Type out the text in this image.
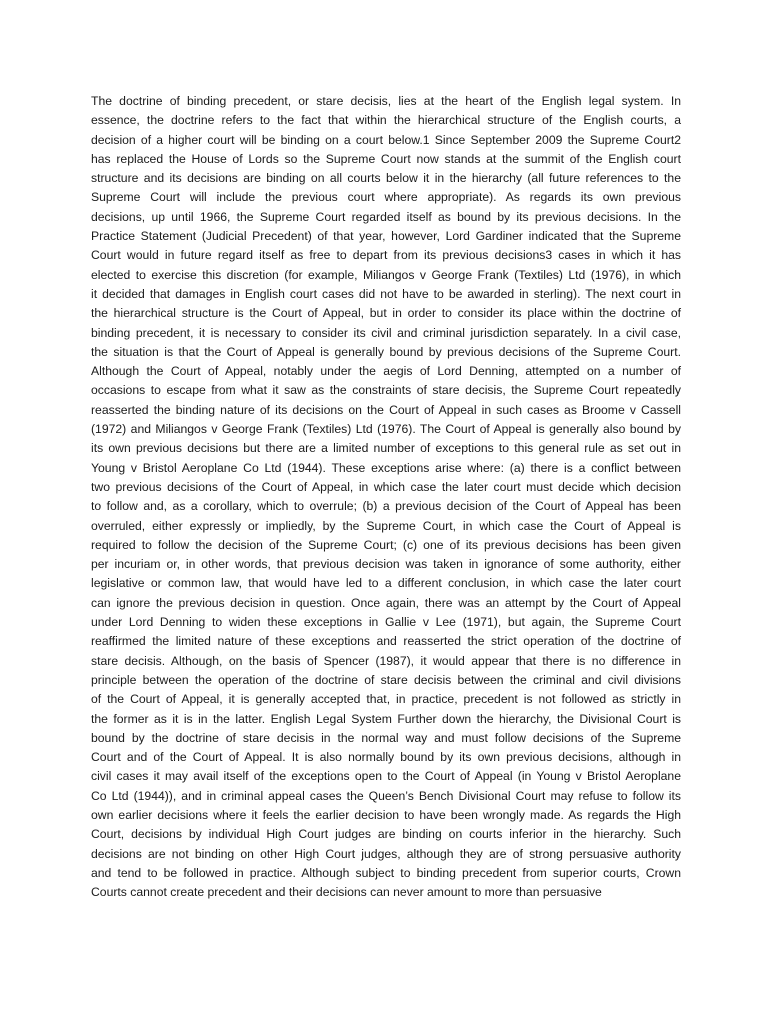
The doctrine of binding precedent, or stare decisis, lies at the heart of the English legal system. In
essence, the doctrine refers to the fact that within the hierarchical structure of the English courts, a
decision of a higher court will be binding on a court below.1 Since September 2009 the Supreme Court2
has replaced the House of Lords so the Supreme Court now stands at the summit of the English court
structure and its decisions are binding on all courts below it in the hierarchy (all future references to the
Supreme Court will include the previous court where appropriate). As regards its own previous
decisions, up until 1966, the Supreme Court regarded itself as bound by its previous decisions. In the
Practice Statement (Judicial Precedent) of that year, however, Lord Gardiner indicated that the Supreme
Court would in future regard itself as free to depart from its previous decisions3 cases in which it has
elected to exercise this discretion (for example, Miliangos v George Frank (Textiles) Ltd (1976), in which
it decided that damages in English court cases did not have to be awarded in sterling). The next court in
the hierarchical structure is the Court of Appeal, but in order to consider its place within the doctrine of
binding precedent, it is necessary to consider its civil and criminal jurisdiction separately. In a civil case,
the situation is that the Court of Appeal is generally bound by previous decisions of the Supreme Court.
Although the Court of Appeal, notably under the aegis of Lord Denning, attempted on a number of
occasions to escape from what it saw as the constraints of stare decisis, the Supreme Court repeatedly
reasserted the binding nature of its decisions on the Court of Appeal in such cases as Broome v Cassell
(1972) and Miliangos v George Frank (Textiles) Ltd (1976). The Court of Appeal is generally also bound by
its own previous decisions but there are a limited number of exceptions to this general rule as set out in
Young v Bristol Aeroplane Co Ltd (1944). These exceptions arise where: (a) there is a conflict between
two previous decisions of the Court of Appeal, in which case the later court must decide which decision
to follow and, as a corollary, which to overrule; (b) a previous decision of the Court of Appeal has been
overruled, either expressly or impliedly, by the Supreme Court, in which case the Court of Appeal is
required to follow the decision of the Supreme Court; (c) one of its previous decisions has been given
per incuriam or, in other words, that previous decision was taken in ignorance of some authority, either
legislative or common law, that would have led to a different conclusion, in which case the later court
can ignore the previous decision in question. Once again, there was an attempt by the Court of Appeal
under Lord Denning to widen these exceptions in Gallie v Lee (1971), but again, the Supreme Court
reaffirmed the limited nature of these exceptions and reasserted the strict operation of the doctrine of
stare decisis. Although, on the basis of Spencer (1987), it would appear that there is no difference in
principle between the operation of the doctrine of stare decisis between the criminal and civil divisions
of the Court of Appeal, it is generally accepted that, in practice, precedent is not followed as strictly in
the former as it is in the latter. English Legal System Further down the hierarchy, the Divisional Court is
bound by the doctrine of stare decisis in the normal way and must follow decisions of the Supreme
Court and of the Court of Appeal. It is also normally bound by its own previous decisions, although in
civil cases it may avail itself of the exceptions open to the Court of Appeal (in Young v Bristol Aeroplane
Co Ltd (1944)), and in criminal appeal cases the Queen’s Bench Divisional Court may refuse to follow its
own earlier decisions where it feels the earlier decision to have been wrongly made. As regards the High
Court, decisions by individual High Court judges are binding on courts inferior in the hierarchy. Such
decisions are not binding on other High Court judges, although they are of strong persuasive authority
and tend to be followed in practice. Although subject to binding precedent from superior courts, Crown
Courts cannot create precedent and their decisions can never amount to more than persuasive
